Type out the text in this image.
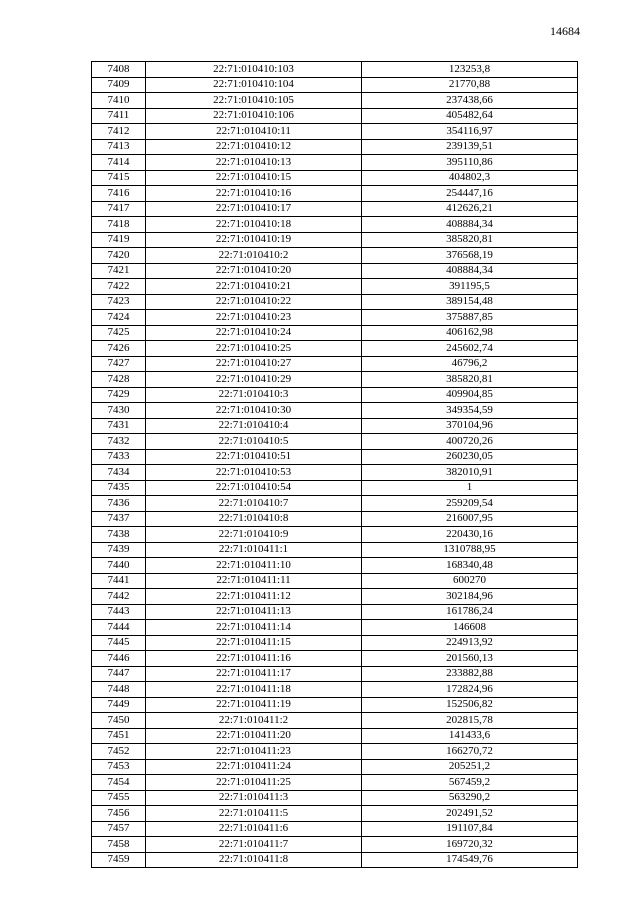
14684
7408	22:71:010410:103	123253,8
7409	22:71:010410:104	21770,88
7410	22:71:010410:105	237438,66
7411	22:71:010410:106	405482,64
7412	22:71:010410:11	354116,97
7413	22:71:010410:12	239139,51
7414	22:71:010410:13	395110,86
7415	22:71:010410:15	404802,3
7416	22:71:010410:16	254447,16
7417	22:71:010410:17	412626,21
7418	22:71:010410:18	408884,34
7419	22:71:010410:19	385820,81
7420	22:71:010410:2	376568,19
7421	22:71:010410:20	408884,34
7422	22:71:010410:21	391195,5
7423	22:71:010410:22	389154,48
7424	22:71:010410:23	375887,85
7425	22:71:010410:24	406162,98
7426	22:71:010410:25	245602,74
7427	22:71:010410:27	46796,2
7428	22:71:010410:29	385820,81
7429	22:71:010410:3	409904,85
7430	22:71:010410:30	349354,59
7431	22:71:010410:4	370104,96
7432	22:71:010410:5	400720,26
7433	22:71:010410:51	260230,05
7434	22:71:010410:53	382010,91
7435	22:71:010410:54	1
7436	22:71:010410:7	259209,54
7437	22:71:010410:8	216007,95
7438	22:71:010410:9	220430,16
7439	22:71:010411:1	1310788,95
7440	22:71:010411:10	168340,48
7441	22:71:010411:11	600270
7442	22:71:010411:12	302184,96
7443	22:71:010411:13	161786,24
7444	22:71:010411:14	146608
7445	22:71:010411:15	224913,92
7446	22:71:010411:16	201560,13
7447	22:71:010411:17	233882,88
7448	22:71:010411:18	172824,96
7449	22:71:010411:19	152506,82
7450	22:71:010411:2	202815,78
7451	22:71:010411:20	141433,6
7452	22:71:010411:23	166270,72
7453	22:71:010411:24	205251,2
7454	22:71:010411:25	567459,2
7455	22:71:010411:3	563290,2
7456	22:71:010411:5	202491,52
7457	22:71:010411:6	191107,84
7458	22:71:010411:7	169720,32
7459	22:71:010411:8	174549,76
